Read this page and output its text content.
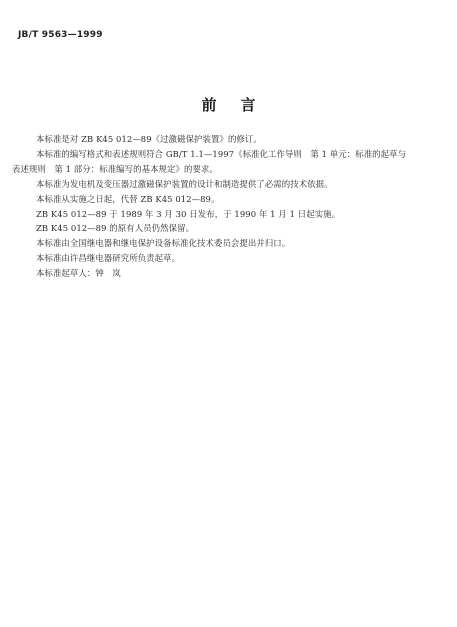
JB/T 9563—1999
前言

本标准是对 ZB K45 012—89《过激磁保护装置》的修订。

本标准的编写格式和表述规则符合 GB/T 1.1—1997《标准化工作导则　第 1 单元：标准的起草与

表述规则　第 1 部分：标准编写的基本规定》的要求。

本标准为发电机及变压器过激磁保护装置的设计和制造提供了必需的技术依据。

本标准从实施之日起，代替 ZB K45 012—89。

ZB K45 012—89 于 1989 年 3 月 30 日发布，于 1990 年 1 月 1 日起实施。

ZB K45 012—89 的原有人员仍然保留。

本标准由全国继电器和继电保护设备标准化技术委员会提出并归口。

本标准由许昌继电器研究所负责起草。

本标准起草人：钟　岚
